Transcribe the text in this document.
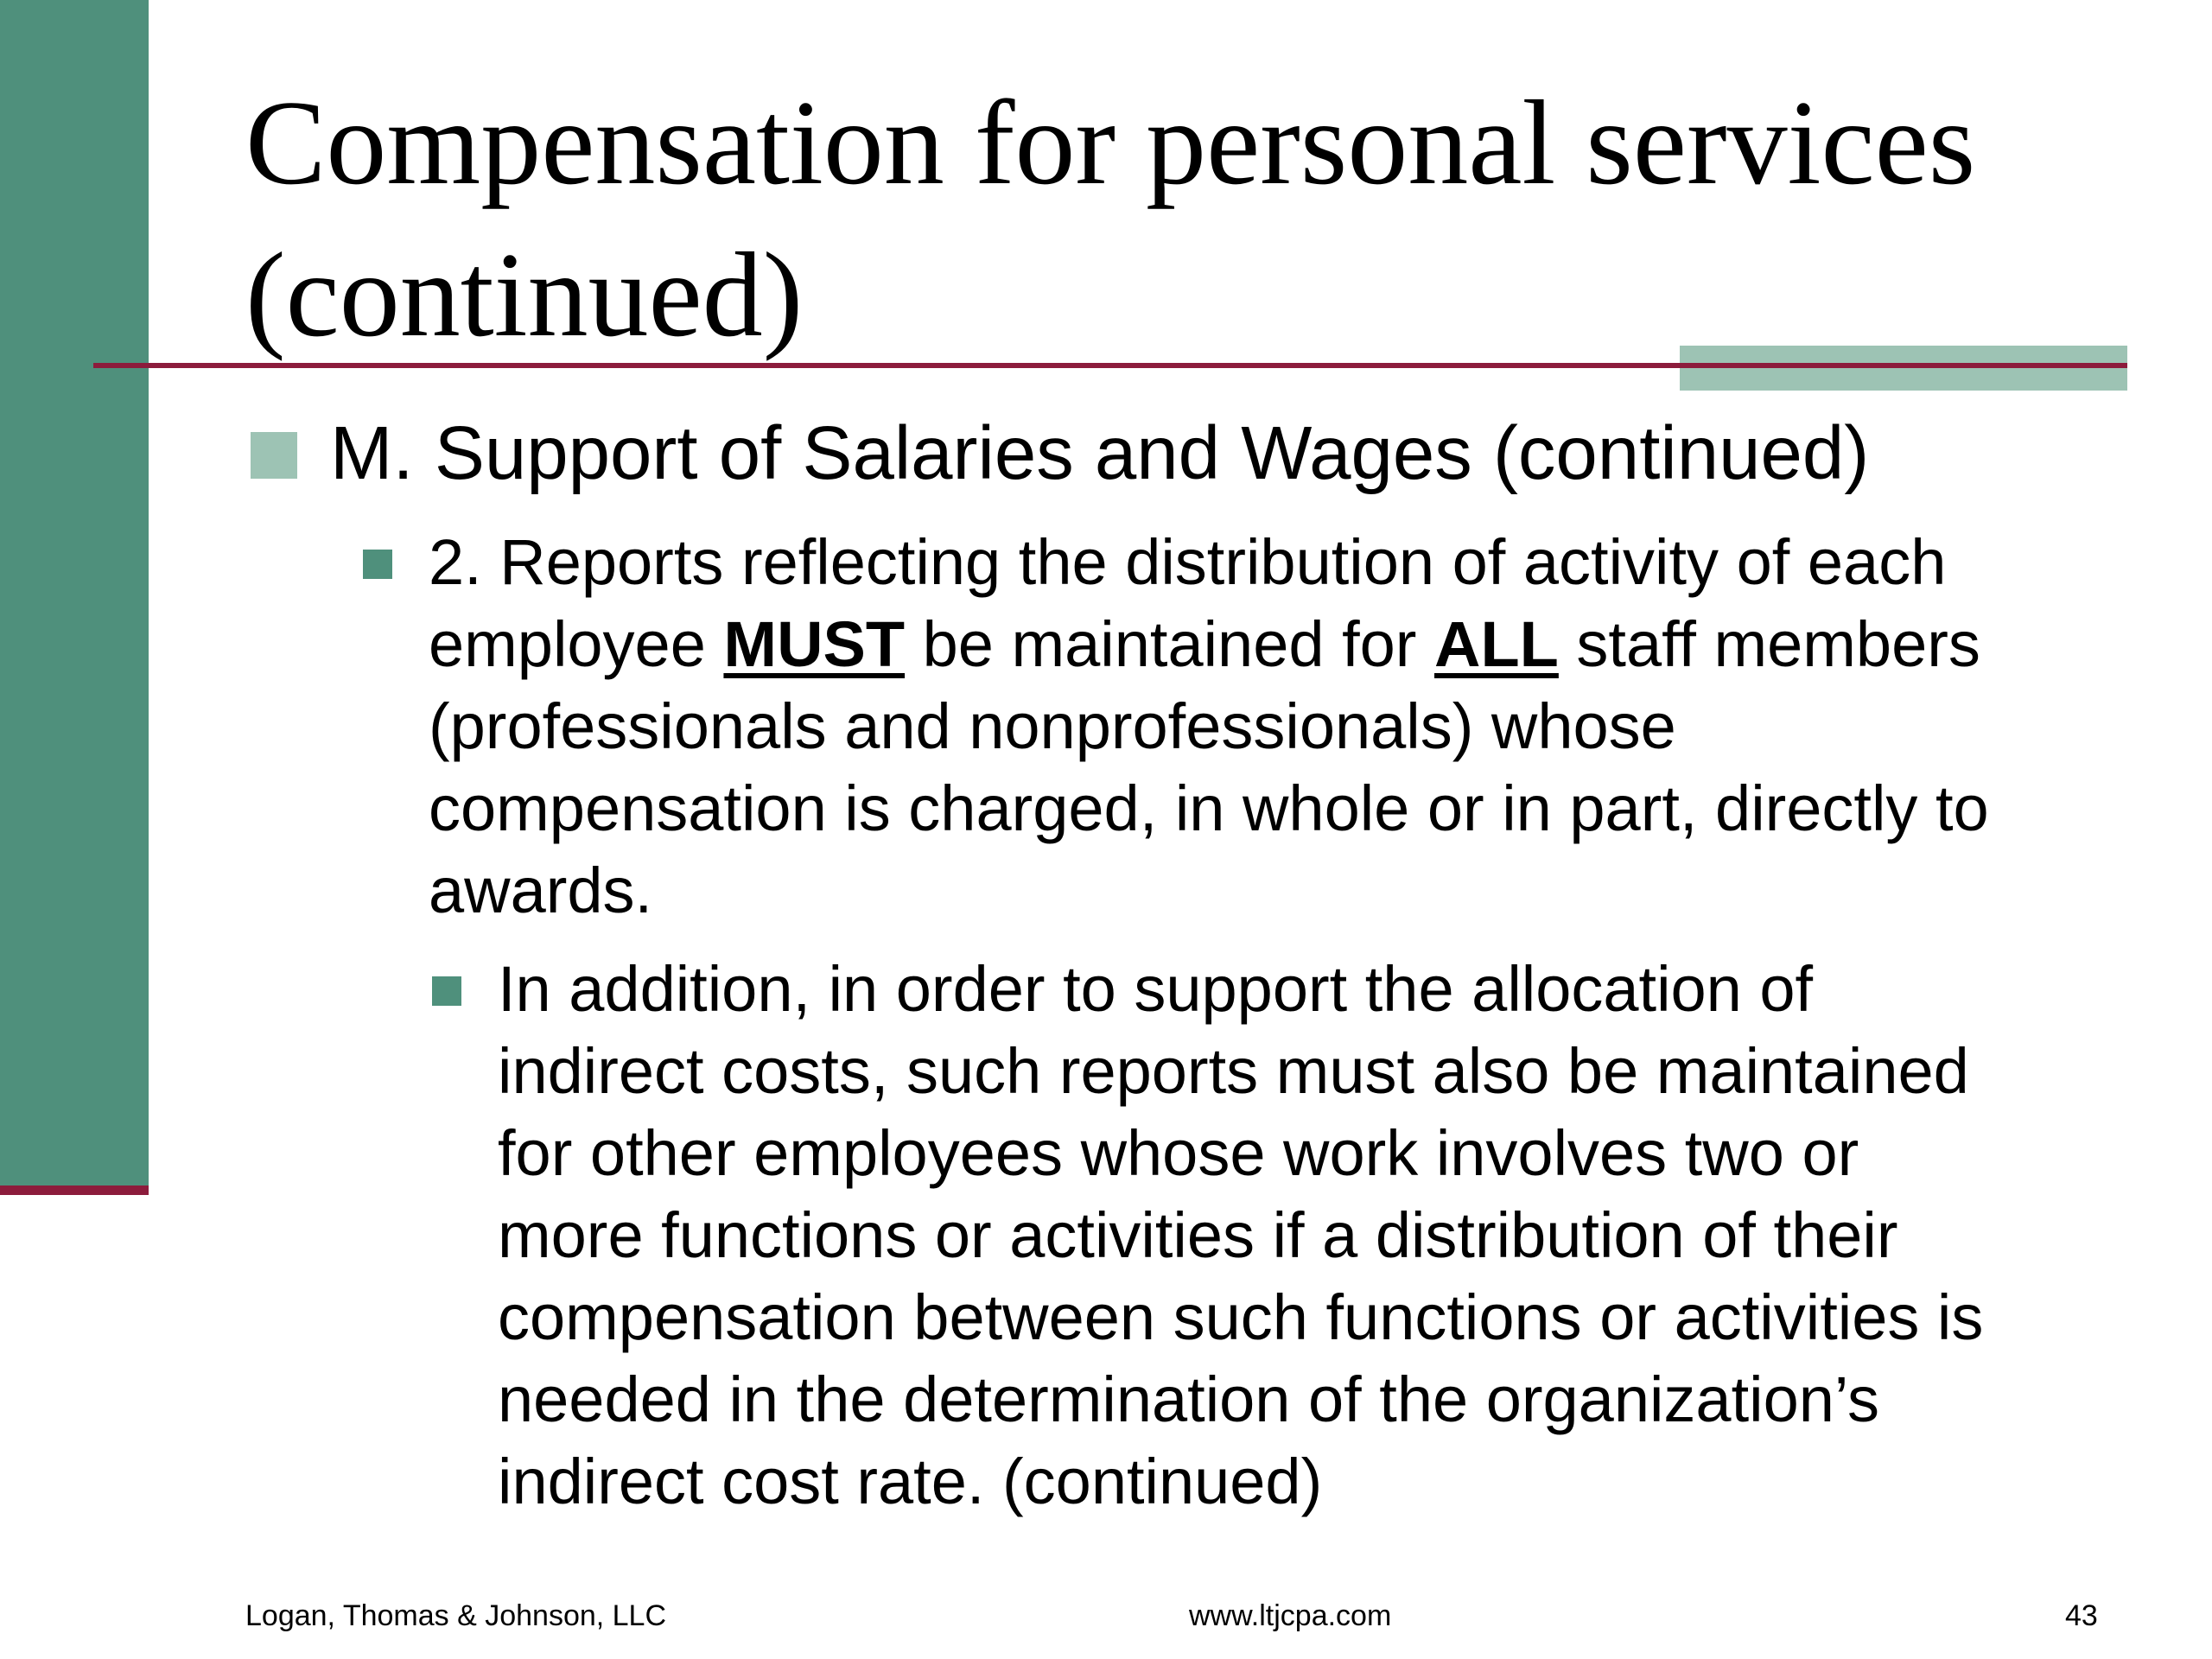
Compensation for personal services
(continued)

M. Support of Salaries and Wages (continued)

2. Reports reflecting the distribution of activity of each
employee MUST be maintained for ALL staff members
(professionals and nonprofessionals) whose
compensation is charged, in whole or in part, directly to
awards.
In addition, in order to support the allocation of
indirect costs, such reports must also be maintained
for other employees whose work involves two or
more functions or activities if a distribution of their
compensation between such functions or activities is
needed in the determination of the organization’s
indirect cost rate. (continued)
Logan, Thomas & Johnson, LLC	www.ltjcpa.com	43
